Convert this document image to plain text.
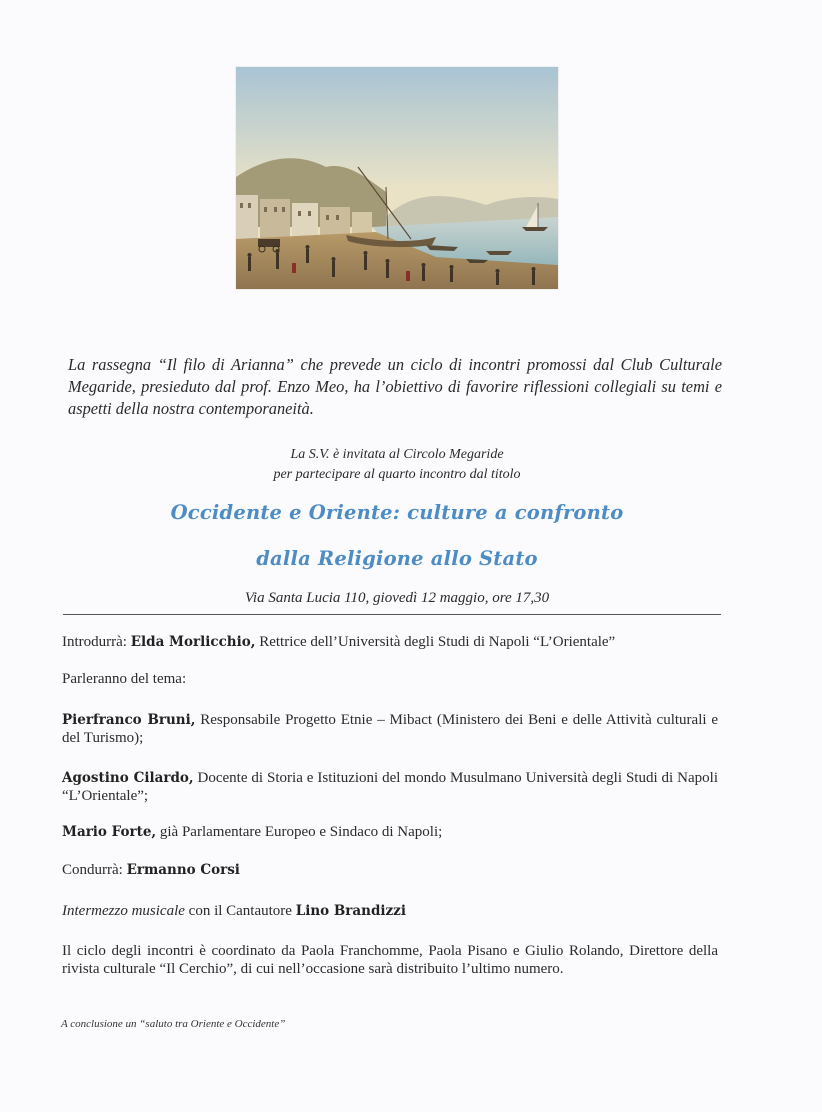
La rassegna “Il filo di Arianna” che prevede un ciclo di incontri promossi dal Club Culturale Megaride, presieduto dal prof. Enzo Meo, ha l’obiettivo di favorire riflessioni collegiali su temi e aspetti della nostra contemporaneità.
La S.V. è invitata al Circolo Megaride
per partecipare al quarto incontro dal titolo
Occidente e Oriente: culture a confronto
dalla Religione allo Stato
Via Santa Lucia 110, giovedì 12 maggio, ore 17,30
Introdurrà: Elda Morlicchio, Rettrice dell’Università degli Studi di Napoli “L’Orientale”
Parleranno del tema:
Pierfranco Bruni, Responsabile Progetto Etnie – Mibact (Ministero dei Beni e delle Attività culturali e del Turismo);
Agostino Cilardo, Docente di Storia e Istituzioni del mondo Musulmano Università degli Studi di Napoli “L’Orientale”;
Mario Forte, già Parlamentare Europeo e Sindaco di Napoli;
Condurrà: Ermanno Corsi
Intermezzo musicale con il Cantautore Lino Brandizzi
Il ciclo degli incontri è coordinato da Paola Franchomme, Paola Pisano e Giulio Rolando, Direttore della rivista culturale “Il Cerchio”, di cui nell’occasione sarà distribuito l’ultimo numero.
A conclusione un “saluto tra Oriente e Occidente”
